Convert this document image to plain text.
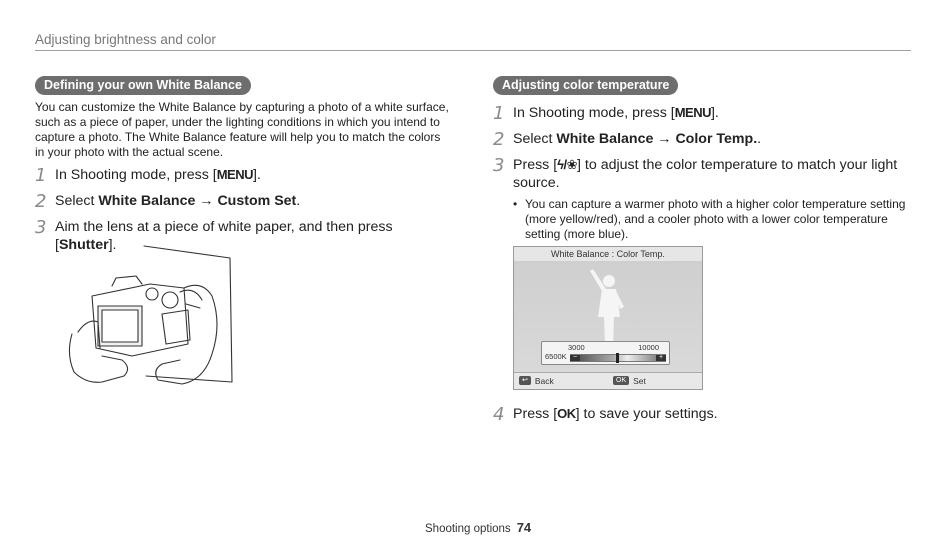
Adjusting brightness and color
Defining your own White Balance

You can customize the White Balance by capturing a photo of a white surface, such as a piece of paper, under the lighting conditions in which you intend to capture a photo. The White Balance feature will help you to match the colors in your photo with the actual scene.

1 In Shooting mode, press [MENU].
2 Select White Balance → Custom Set.
3 Aim the lens at a piece of white paper, and then press [Shutter].
Adjusting color temperature
1 In Shooting mode, press [MENU].
2 Select White Balance → Color Temp..
3 Press [ϟ/❀] to adjust the color temperature to match your light source.
• You can capture a warmer photo with a higher color temperature setting (more yellow/red), and a cooler photo with a lower color temperature setting (more blue).
White Balance : Color Temp.
3000	10000
6500K −	+
↩ Back	OK Set
4 Press [OK] to save your settings.
Shooting options 74
